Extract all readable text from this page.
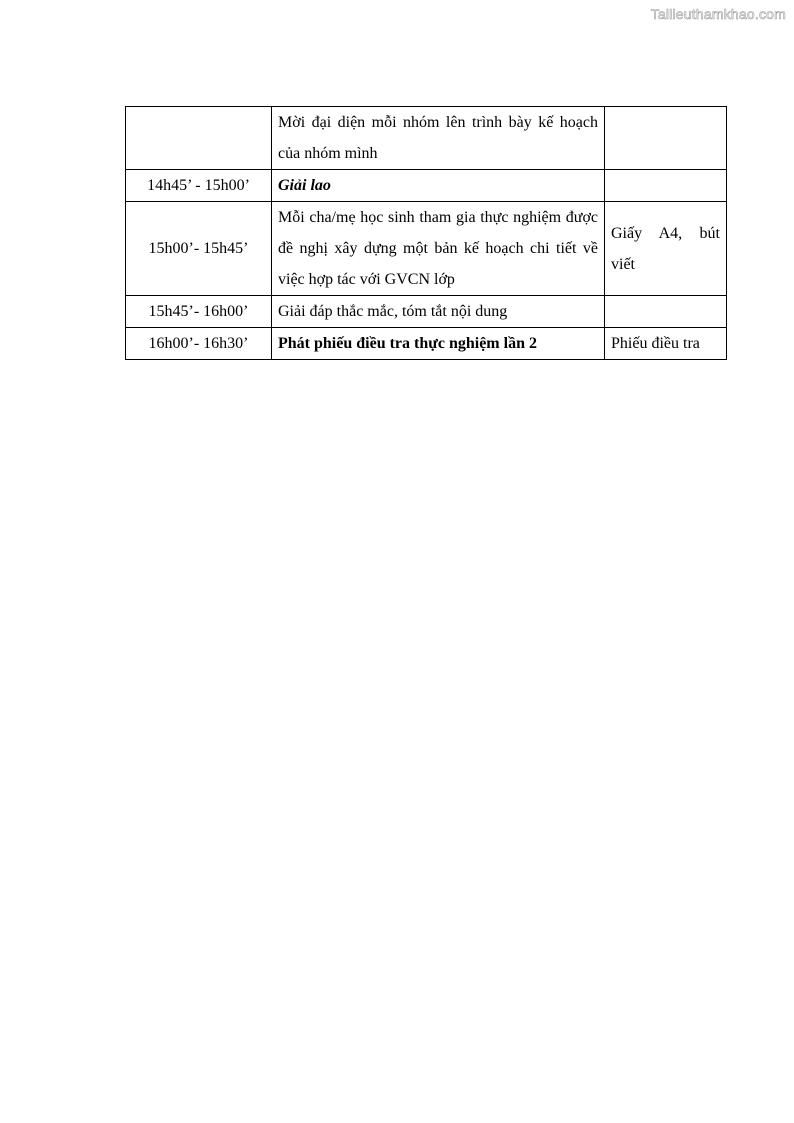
Tailieuthamkhao.com
	Mời đại diện mỗi nhóm lên trình bày kế hoạch của nhóm mình	
14h45’ - 15h00’	Giải lao	
15h00’- 15h45’	Mỗi cha/mẹ học sinh tham gia thực nghiệm được đề nghị xây dựng một bản kế hoạch chi tiết về việc hợp tác với GVCN lớp	Giấy A4, bút viết
15h45’- 16h00’	Giải đáp thắc mắc, tóm tắt nội dung	
16h00’- 16h30’	Phát phiếu điều tra thực nghiệm lần 2	Phiếu điều tra
